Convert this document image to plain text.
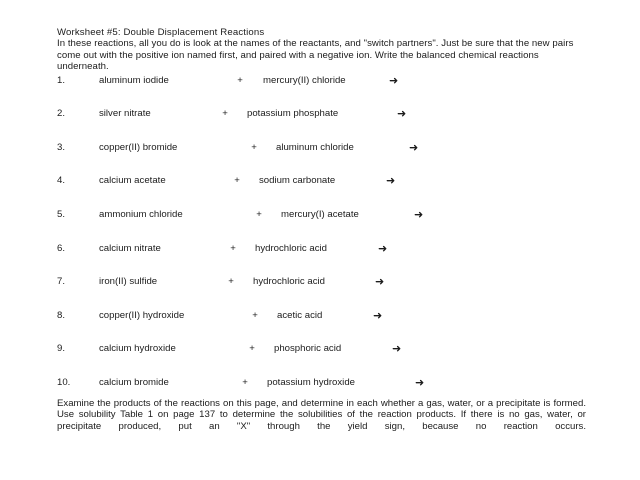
Worksheet #5: Double Displacement Reactions

In these reactions, all you do is look at the names of the reactants, and "switch partners". Just be sure that the new pairs come out with the positive ion named first, and paired with a negative ion. Write the balanced chemical reactions underneath.

1.	aluminum iodide	+ mercury(II) chloride	➜
2.	silver nitrate	+ potassium phosphate	➜
3.	copper(II) bromide	+ aluminum chloride	➜
4.	calcium acetate	+ sodium carbonate	➜
5.	ammonium chloride	+ mercury(I) acetate	➜
6.	calcium nitrate	+ hydrochloric acid	➜
7.	iron(II) sulfide	+ hydrochloric acid	➜
8.	copper(II) hydroxide	+ acetic acid	➜
9.	calcium hydroxide	+ phosphoric acid	➜
10.	calcium bromide	+ potassium hydroxide	➜

Examine the products of the reactions on this page, and determine in each whether a gas, water, or a precipitate is formed. Use solubility Table 1 on page 137 to determine the solubilities of the reaction products. If there is no gas, water, or precipitate produced, put an "X" through the yield sign, because no reaction occurs.
